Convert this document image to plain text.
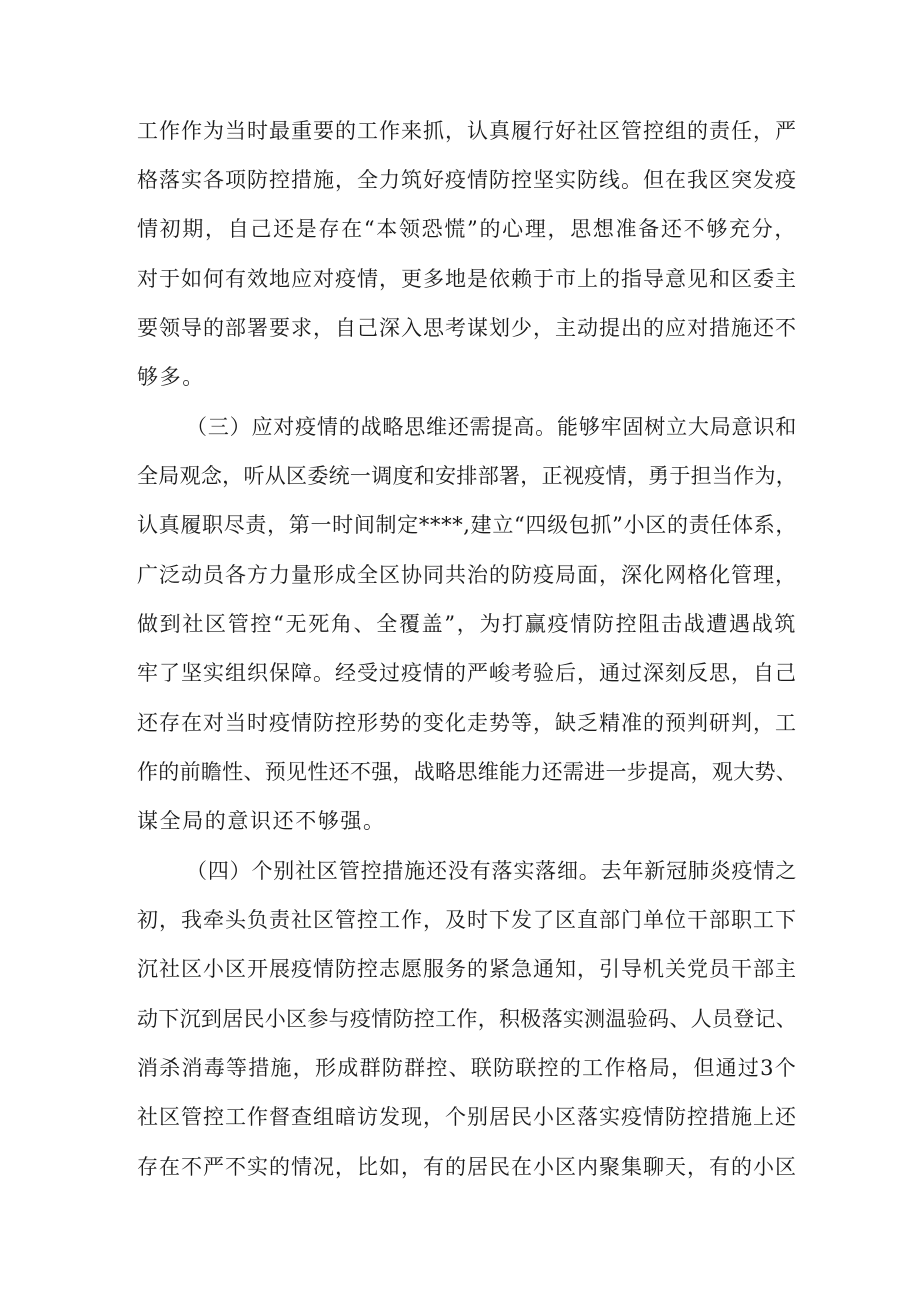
工作作为当时最重要的工作来抓，认真履行好社区管控组的责任，严
格落实各项防控措施，全力筑好疫情防控坚实防线。但在我区突发疫
情初期，自己还是存在“本领恐慌”的心理，思想准备还不够充分，
对于如何有效地应对疫情，更多地是依赖于市上的指导意见和区委主
要领导的部署要求，自己深入思考谋划少，主动提出的应对措施还不
够多。
（三）应对疫情的战略思维还需提高。能够牢固树立大局意识和
全局观念，听从区委统一调度和安排部署，正视疫情，勇于担当作为，
认真履职尽责，第一时间制定****,建立“四级包抓”小区的责任体系，
广泛动员各方力量形成全区协同共治的防疫局面，深化网格化管理，
做到社区管控“无死角、全覆盖”，为打赢疫情防控阻击战遭遇战筑
牢了坚实组织保障。经受过疫情的严峻考验后，通过深刻反思，自己
还存在对当时疫情防控形势的变化走势等，缺乏精准的预判研判，工
作的前瞻性、预见性还不强，战略思维能力还需进一步提高，观大势、
谋全局的意识还不够强。
（四）个别社区管控措施还没有落实落细。去年新冠肺炎疫情之
初，我牵头负责社区管控工作，及时下发了区直部门单位干部职工下
沉社区小区开展疫情防控志愿服务的紧急通知，引导机关党员干部主
动下沉到居民小区参与疫情防控工作，积极落实测温验码、人员登记、
消杀消毒等措施，形成群防群控、联防联控的工作格局，但通过3个
社区管控工作督查组暗访发现，个别居民小区落实疫情防控措施上还
存在不严不实的情况，比如，有的居民在小区内聚集聊天，有的小区
